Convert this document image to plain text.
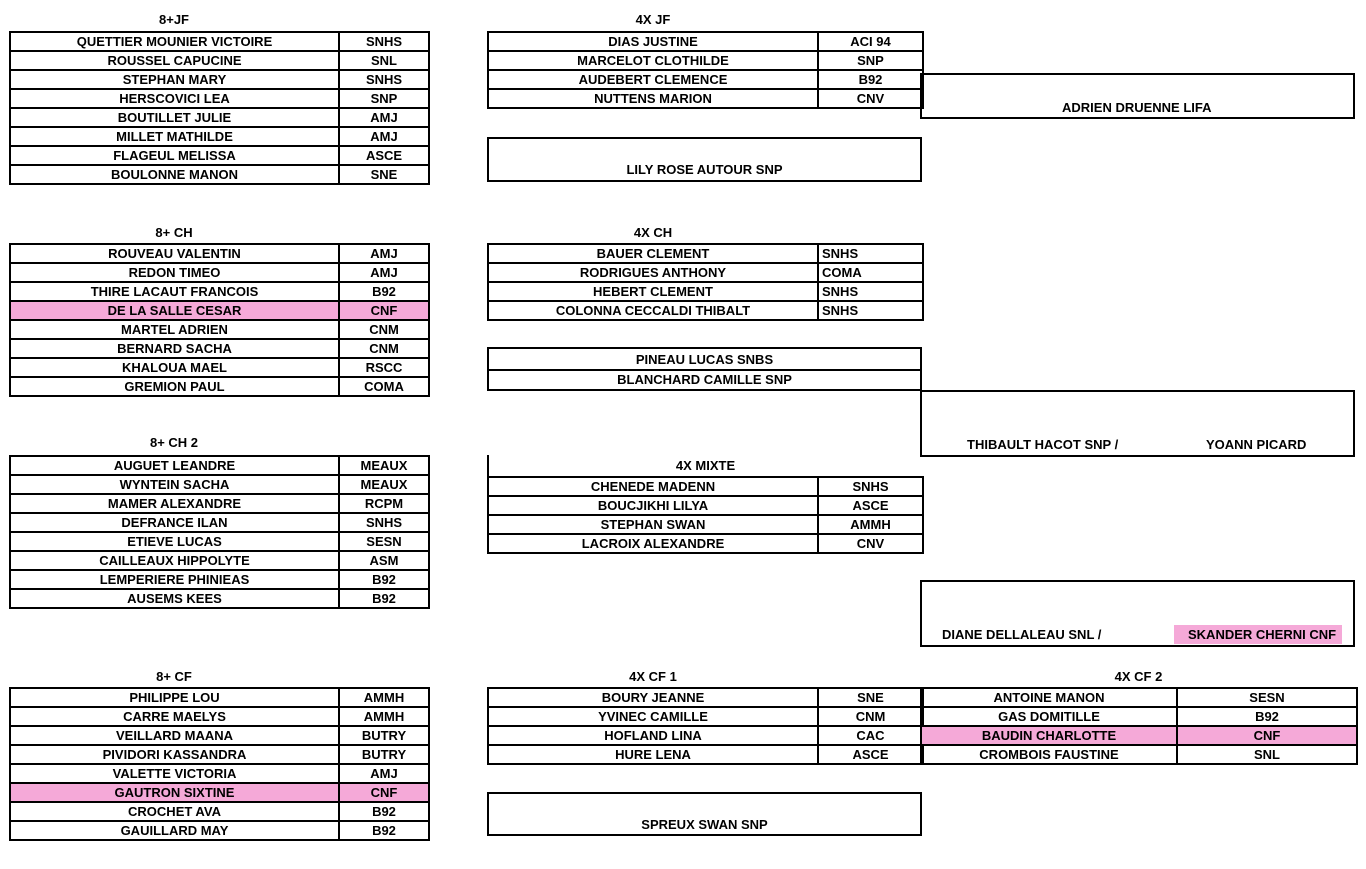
8+JF
QUETTIER MOUNIER VICTOIRE	SNHS
ROUSSEL CAPUCINE	SNL
STEPHAN MARY	SNHS
HERSCOVICI LEA	SNP
BOUTILLET JULIE	AMJ
MILLET MATHILDE	AMJ
FLAGEUL MELISSA	ASCE
BOULONNE MANON	SNE
4X JF
DIAS JUSTINE	ACI 94
MARCELOT CLOTHILDE	SNP
AUDEBERT CLEMENCE	B92
NUTTENS MARION	CNV
LILY ROSE AUTOUR SNP
ADRIEN DRUENNE LIFA
8+ CH
ROUVEAU VALENTIN	AMJ
REDON TIMEO	AMJ
THIRE LACAUT FRANCOIS	B92
DE LA SALLE CESAR	CNF
MARTEL ADRIEN	CNM
BERNARD SACHA	CNM
KHALOUA MAEL	RSCC
GREMION PAUL	COMA
4X CH
BAUER CLEMENT	SNHS
RODRIGUES ANTHONY	COMA
HEBERT CLEMENT	SNHS
COLONNA CECCALDI THIBALT	SNHS
PINEAU LUCAS SNBS
BLANCHARD CAMILLE SNP
THIBAULT HACOT SNP /	YOANN PICARD
8+ CH 2
AUGUET LEANDRE	MEAUX
WYNTEIN SACHA	MEAUX
MAMER ALEXANDRE	RCPM
DEFRANCE ILAN	SNHS
ETIEVE LUCAS	SESN
CAILLEAUX HIPPOLYTE	ASM
LEMPERIERE PHINIEAS	B92
AUSEMS KEES	B92
4X MIXTE
CHENEDE MADENN	SNHS
BOUCJIKHI LILYA	ASCE
STEPHAN SWAN	AMMH
LACROIX ALEXANDRE	CNV
DIANE DELLALEAU SNL /	SKANDER CHERNI CNF
8+ CF
PHILIPPE LOU	AMMH
CARRE MAELYS	AMMH
VEILLARD MAANA	BUTRY
PIVIDORI KASSANDRA	BUTRY
VALETTE VICTORIA	AMJ
GAUTRON SIXTINE	CNF
CROCHET AVA	B92
GAUILLARD MAY	B92
4X CF 1
BOURY JEANNE	SNE
YVINEC CAMILLE	CNM
HOFLAND LINA	CAC
HURE LENA	ASCE
SPREUX SWAN SNP
4X CF 2
ANTOINE MANON	SESN
GAS DOMITILLE	B92
BAUDIN CHARLOTTE	CNF
CROMBOIS FAUSTINE	SNL
